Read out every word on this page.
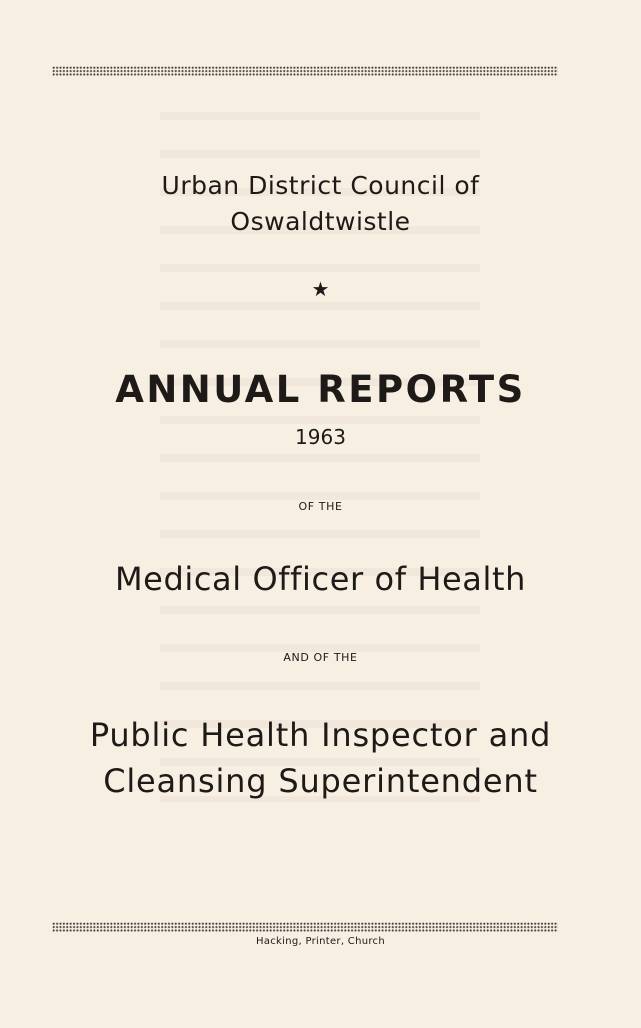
Urban District Council of
Oswaldtwistle
★
ANNUAL REPORTS
1963
OF THE
Medical Officer of Health
AND OF THE
Public Health Inspector and
Cleansing Superintendent
Hacking, Printer, Church
